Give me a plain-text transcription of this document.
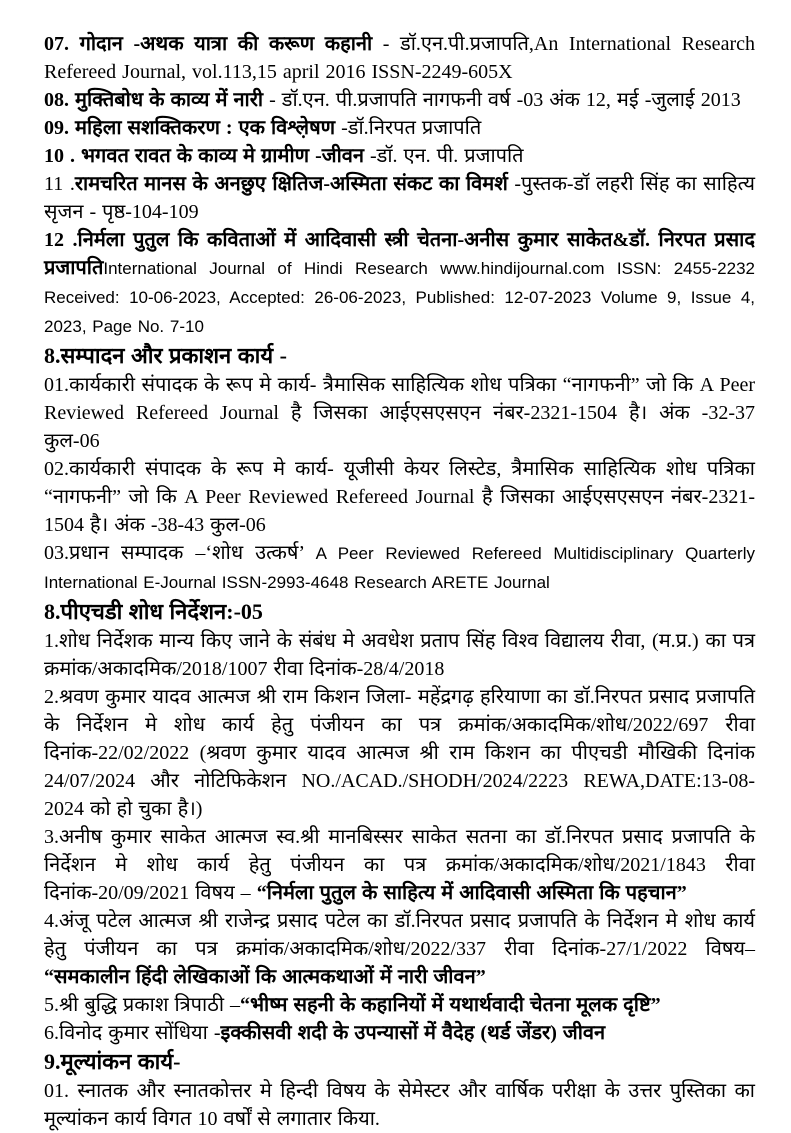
07. गोदान -अथक यात्रा की करूण कहानी - डॉ.एन.पी.प्रजापति,An International Research Refereed Journal, vol.113,15 april 2016 ISSN-2249-605X

08. मुक्तिबोध के काव्य में नारी - डॉ.एन. पी.प्रजापति नागफनी वर्ष -03 अंक 12, मई -जुलाई 2013

09. महिला सशक्तिकरण : एक विश्ले़षण -डॉ.निरपत प्रजापति

10 . भगवत रावत के काव्य मे ग्रामीण -जीवन -डॉ. एन. पी. प्रजापति

11 .रामचरित मानस के अनछुए क्षितिज-अस्मिता संकट का विमर्श -पुस्तक-डॉ लहरी सिंह का साहित्य सृजन - पृष्ठ-104-109

12 .निर्मला पुतुल कि कविताओं में आदिवासी स्त्री चेतना-अनीस कुमार साकेत&डॉ. निरपत प्रसाद प्रजापतिInternational Journal of Hindi Research www.hindijournal.com ISSN: 2455-2232 Received: 10-06-2023, Accepted: 26-06-2023, Published: 12-07-2023 Volume 9, Issue 4, 2023, Page No. 7-10

8.सम्पादन और प्रकाशन कार्य -

01.कार्यकारी संपादक के रूप मे कार्य- त्रैमासिक साहित्यिक शोध पत्रिका “नागफनी” जो कि A Peer Reviewed Refereed Journal है जिसका आईएसएसएन नंबर-2321-1504 है। अंक -32-37 कुल-06

02.कार्यकारी संपादक के रूप मे कार्य- यूजीसी केयर लिस्टेड, त्रैमासिक साहित्यिक शोध पत्रिका “नागफनी” जो कि A Peer Reviewed Refereed Journal है जिसका आईएसएसएन नंबर-2321-1504 है। अंक -38-43 कुल-06

03.प्रधान सम्पादक –‘शोध उत्कर्ष’ A Peer Reviewed Refereed Multidisciplinary Quarterly International E-Journal ISSN-2993-4648 Research ARETE Journal

8.पीएचडी शोध निर्देशन:-05

1.शोध निर्देशक मान्य किए जाने के संबंध मे अवधेश प्रताप सिंह विश्व विद्यालय रीवा, (म.प्र.) का पत्र क्रमांक/अकादमिक/2018/1007 रीवा दिनांक-28/4/2018

2.श्रवण कुमार यादव आत्मज श्री राम किशन जिला- महेंद्रगढ़ हरियाणा का डॉ.निरपत प्रसाद प्रजापति के निर्देशन मे शोध कार्य हेतु पंजीयन का पत्र क्रमांक/अकादमिक/शोध/2022/697 रीवा दिनांक-22/02/2022 (श्रवण कुमार यादव आत्मज श्री राम किशन का पीएचडी मौखिकी दिनांक 24/07/2024 और नोटिफिकेशन NO./ACAD./SHODH/2024/2223 REWA,DATE:13-08-2024 को हो चुका है।)

3.अनीष कुमार साकेत आत्मज स्व.श्री मानबिस्सर साकेत सतना का डॉ.निरपत प्रसाद प्रजापति के निर्देशन मे शोध कार्य हेतु पंजीयन का पत्र क्रमांक/अकादमिक/शोध/2021/1843 रीवा दिनांक-20/09/2021 विषय – “निर्मला पुतुल के साहित्य में आदिवासी अस्मिता कि पहचान”

4.अंजू पटेल आत्मज श्री राजेन्द्र प्रसाद पटेल का डॉ.निरपत प्रसाद प्रजापति के निर्देशन मे शोध कार्य हेतु पंजीयन का पत्र क्रमांक/अकादमिक/शोध/2022/337 रीवा दिनांक-27/1/2022 विषय– “समकालीन हिंदी लेखिकाओं कि आत्मकथाओं में नारी जीवन”

5.श्री बुद्धि प्रकाश त्रिपाठी –“भीष्म सहनी के कहानियों में यथार्थवादी चेतना मूलक दृष्टि”

6.विनोद कुमार सोंधिया -इक्कीसवी शदी के उपन्यासों में वैदेह (थर्ड जेंडर) जीवन

9.मूल्यांकन कार्य-

01. स्नातक और स्नातकोत्तर मे हिन्दी विषय के सेमेस्टर और वार्षिक परीक्षा के उत्तर पुस्तिका का मूल्यांकन कार्य विगत 10 वर्षों से लगातार किया.
